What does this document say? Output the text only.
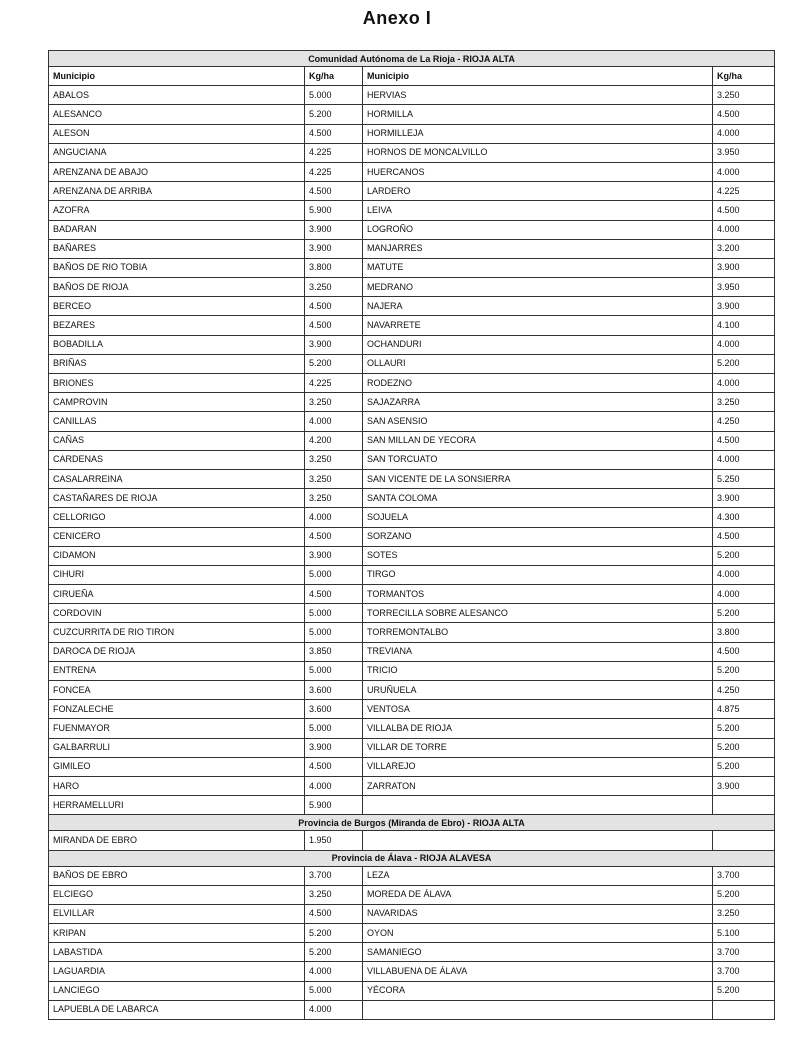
Anexo I
Comunidad Autónoma de La Rioja - RIOJA ALTA			
Municipio	Kg/ha	Municipio	Kg/ha
ABALOS	5.000	HERVIAS	3.250
ALESANCO	5.200	HORMILLA	4.500
ALESON	4.500	HORMILLEJA	4.000
ANGUCIANA	4.225	HORNOS DE MONCALVILLO	3.950
ARENZANA DE ABAJO	4.225	HUERCANOS	4.000
ARENZANA DE ARRIBA	4.500	LARDERO	4.225
AZOFRA	5.900	LEIVA	4.500
BADARAN	3.900	LOGROÑO	4.000
BAÑARES	3.900	MANJARRES	3.200
BAÑOS DE RIO TOBIA	3.800	MATUTE	3.900
BAÑOS DE RIOJA	3.250	MEDRANO	3.950
BERCEO	4.500	NAJERA	3.900
BEZARES	4.500	NAVARRETE	4.100
BOBADILLA	3.900	OCHANDURI	4.000
BRIÑAS	5.200	OLLAURI	5.200
BRIONES	4.225	RODEZNO	4.000
CAMPROVIN	3.250	SAJAZARRA	3.250
CANILLAS	4.000	SAN ASENSIO	4.250
CAÑAS	4.200	SAN MILLAN DE YECORA	4.500
CARDENAS	3.250	SAN TORCUATO	4.000
CASALARREINA	3.250	SAN VICENTE DE LA SONSIERRA	5.250
CASTAÑARES DE RIOJA	3.250	SANTA COLOMA	3.900
CELLORIGO	4.000	SOJUELA	4.300
CENICERO	4.500	SORZANO	4.500
CIDAMON	3.900	SOTES	5.200
CIHURI	5.000	TIRGO	4.000
CIRUEÑA	4.500	TORMANTOS	4.000
CORDOVIN	5.000	TORRECILLA SOBRE ALESANCO	5.200
CUZCURRITA DE RIO TIRON	5.000	TORREMONTALBO	3.800
DAROCA DE RIOJA	3.850	TREVIANA	4.500
ENTRENA	5.000	TRICIO	5.200
FONCEA	3.600	URUÑUELA	4.250
FONZALECHE	3.600	VENTOSA	4.875
FUENMAYOR	5.000	VILLALBA DE RIOJA	5.200
GALBARRULI	3.900	VILLAR DE TORRE	5.200
GIMILEO	4.500	VILLAREJO	5.200
HARO	4.000	ZARRATON	3.900
HERRAMELLURI	5.900		
Provincia de Burgos (Miranda de Ebro) - RIOJA ALTA			
MIRANDA DE EBRO	1.950		
Provincia de Álava - RIOJA ALAVESA			
BAÑOS DE EBRO	3.700	LEZA	3.700
ELCIEGO	3.250	MOREDA DE ÁLAVA	5.200
ELVILLAR	4.500	NAVARIDAS	3.250
KRIPAN	5.200	OYON	5.100
LABASTIDA	5.200	SAMANIEGO	3.700
LAGUARDIA	4.000	VILLABUENA DE ÁLAVA	3.700
LANCIEGO	5.000	YÉCORA	5.200
LAPUEBLA DE LABARCA	4.000		
